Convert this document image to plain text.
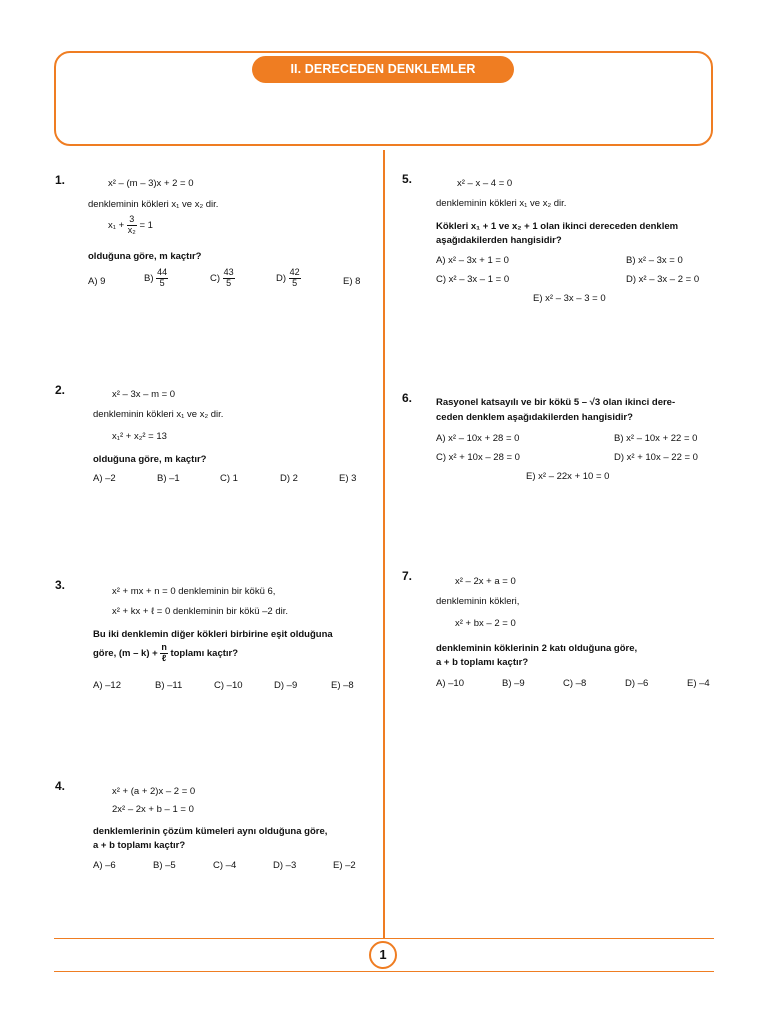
II. DERECEDEN DENKLEMLER
1
1.	x² – (m – 3)x + 2 = 0
denkleminin kökleri x₁ ve x₂ dir.
$x_1 + \frac{3}{\text{x₂}} = 1$
olduğuna göre, m kaçtır?
A) 9	$B) \frac{44}{5}$	$C) \frac{43}{5}$	$D) \frac{42}{5}$	E) 8
2.	x² – 3x – m = 0
denkleminin kökleri x₁ ve x₂ dir.
x₁² + x₂² = 13
olduğuna göre, m kaçtır?
A) –2	B) –1	C) 1	D) 2	E) 3
3.	x² + mx + n = 0 denkleminin bir kökü 6,
x² + kx + ℓ = 0 denkleminin bir kökü –2 dir.
Bu iki denklemin diğer kökleri birbirine eşit olduğuna
göre, $(m - k) + \frac{n}{\text{ℓ}}$ toplamı kaçtır?
A) –12	B) –11	C) –10	D) –9	E) –8
4.	x² + (a + 2)x – 2 = 0
2x² – 2x + b – 1 = 0
denklemlerinin çözüm kümeleri aynı olduğuna göre,
a + b toplamı kaçtır?
A) –6	B) –5	C) –4	D) –3	E) –2
5.	x² – x – 4 = 0
denkleminin kökleri x₁ ve x₂ dir.
Kökleri x₁ + 1 ve x₂ + 1 olan ikinci dereceden denklem
aşağıdakilerden hangisidir?
A) x² – 3x + 1 = 0	B) x² – 3x = 0
C) x² – 3x – 1 = 0	D) x² – 3x – 2 = 0
E) x² – 3x – 3 = 0
6.	Rasyonel katsayılı ve bir kökü 5 – √3 olan ikinci dere-
ceden denklem aşağıdakilerden hangisidir?
A) x² – 10x + 28 = 0	B) x² – 10x + 22 = 0
C) x² + 10x – 28 = 0	D) x² + 10x – 22 = 0
E) x² – 22x + 10 = 0
7.	x² – 2x + a = 0
denkleminin kökleri,
x² + bx – 2 = 0
denkleminin köklerinin 2 katı olduğuna göre,
a + b toplamı kaçtır?
A) –10	B) –9	C) –8	D) –6	E) –4
